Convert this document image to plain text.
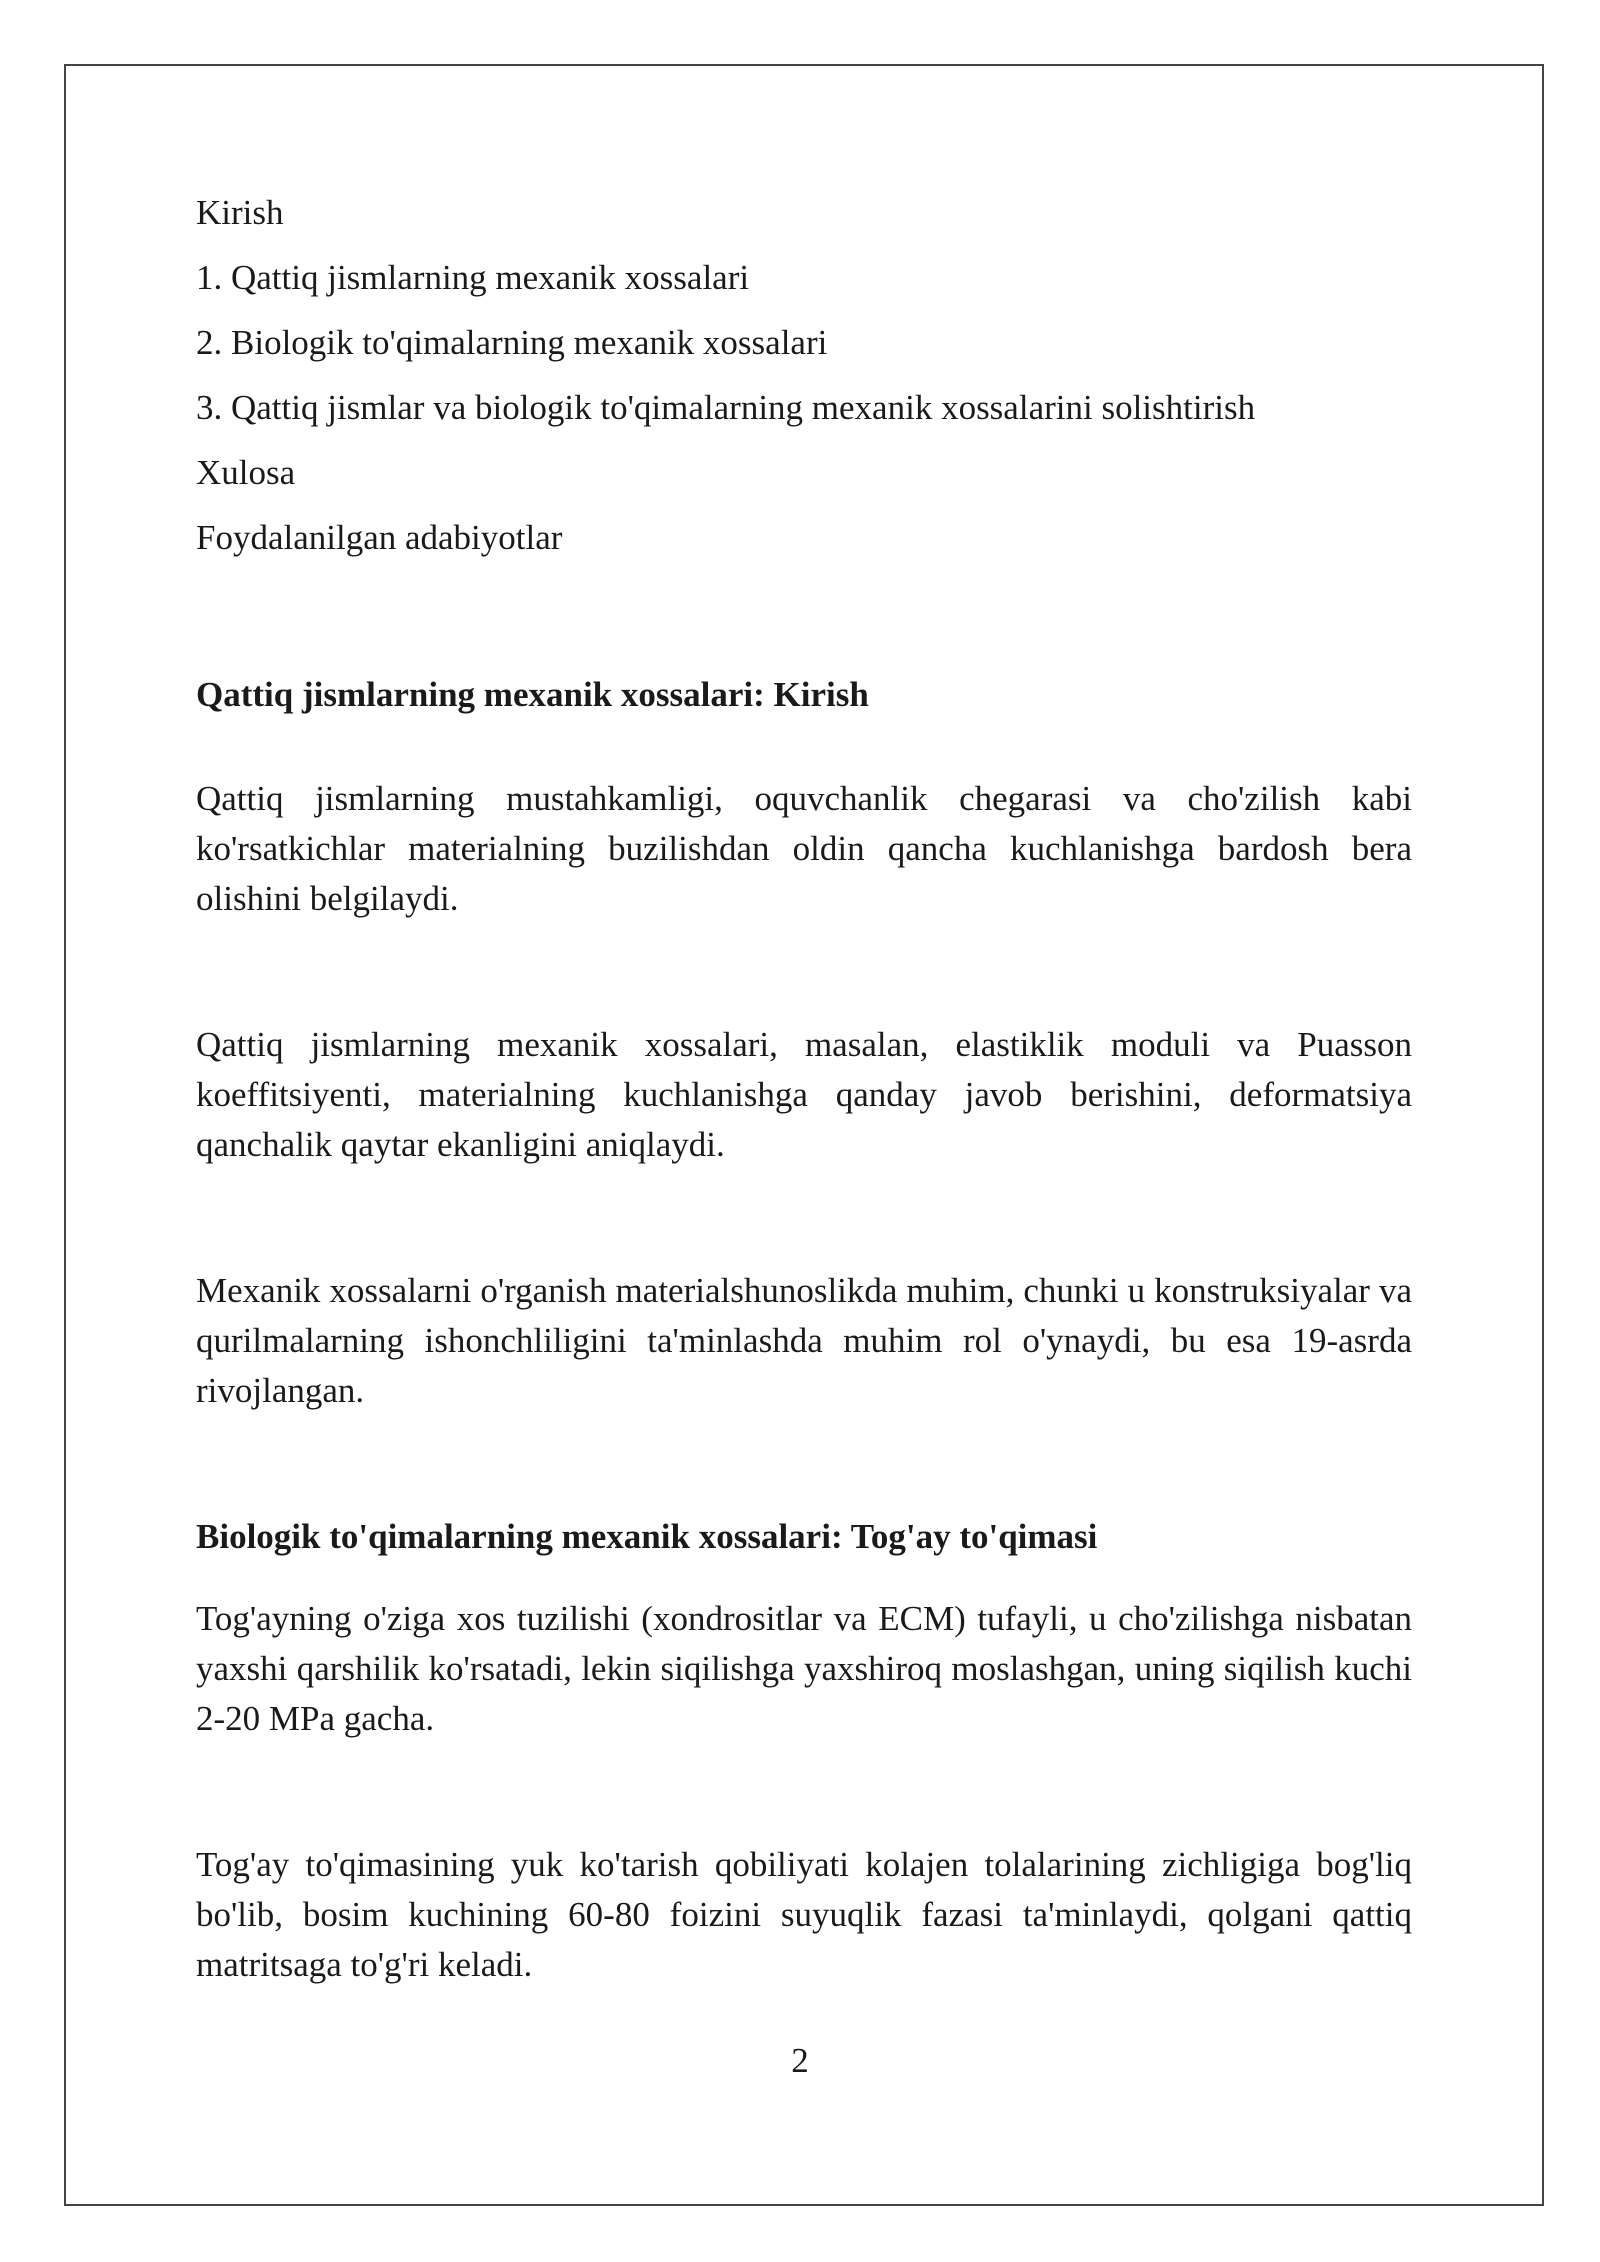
Kirish

1. Qattiq jismlarning mexanik xossalari

2. Biologik to'qimalarning mexanik xossalari

3. Qattiq jismlar va biologik to'qimalarning mexanik xossalarini solishtirish

Xulosa

Foydalanilgan adabiyotlar

Qattiq jismlarning mexanik xossalari: Kirish

Qattiq jismlarning mustahkamligi, oquvchanlik chegarasi va cho'zilish kabi ko'rsatkichlar materialning buzilishdan oldin qancha kuchlanishga bardosh bera olishini belgilaydi.

Qattiq jismlarning mexanik xossalari, masalan, elastiklik moduli va Puasson koeffitsiyenti, materialning kuchlanishga qanday javob berishini, deformatsiya qanchalik qaytar ekanligini aniqlaydi.

Mexanik xossalarni o'rganish materialshunoslikda muhim, chunki u konstruksiyalar va qurilmalarning ishonchliligini ta'minlashda muhim rol o'ynaydi, bu esa 19-asrda rivojlangan.

Biologik to'qimalarning mexanik xossalari: Tog'ay to'qimasi

Tog'ayning o'ziga xos tuzilishi (xondrositlar va ECM) tufayli, u cho'zilishga nisbatan yaxshi qarshilik ko'rsatadi, lekin siqilishga yaxshiroq moslashgan, uning siqilish kuchi 2-20 MPa gacha.

Tog'ay to'qimasining yuk ko'tarish qobiliyati kolajen tolalarining zichligiga bog'liq bo'lib, bosim kuchining 60-80 foizini suyuqlik fazasi ta'minlaydi, qolgani qattiq matritsaga to'g'ri keladi.

2
